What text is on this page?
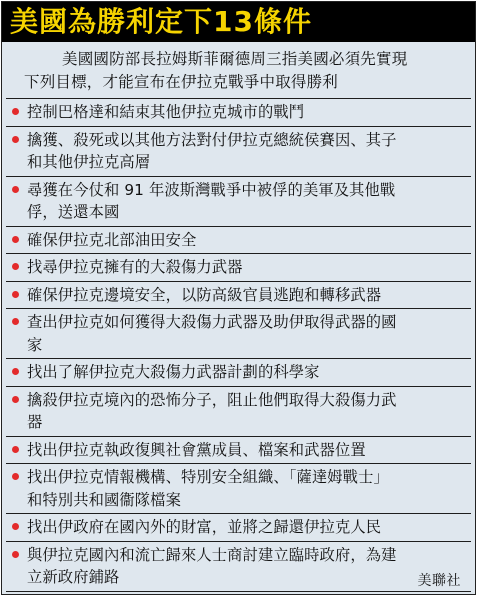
美國為勝利定下13條件
美國國防部長拉姆斯菲爾德周三指美國必須先實現
下列目標，才能宣布在伊拉克戰爭中取得勝利
控制巴格達和結束其他伊拉克城市的戰鬥
擒獲、殺死或以其他方法對付伊拉克總統侯賽因、其子
和其他伊拉克高層
尋獲在今仗和 91 年波斯灣戰爭中被俘的美軍及其他戰
俘，送還本國
確保伊拉克北部油田安全
找尋伊拉克擁有的大殺傷力武器
確保伊拉克邊境安全，以防高級官員逃跑和轉移武器
查出伊拉克如何獲得大殺傷力武器及助伊取得武器的國
家
找出了解伊拉克大殺傷力武器計劃的科學家
擒殺伊拉克境內的恐怖分子，阻止他們取得大殺傷力武
器
找出伊拉克執政復興社會黨成員、檔案和武器位置
找出伊拉克情報機構、特別安全組織、「薩達姆戰士」
和特別共和國衞隊檔案
找出伊政府在國內外的財富，並將之歸還伊拉克人民
與伊拉克國內和流亡歸來人士商討建立臨時政府，為建
立新政府鋪路	美聯社
